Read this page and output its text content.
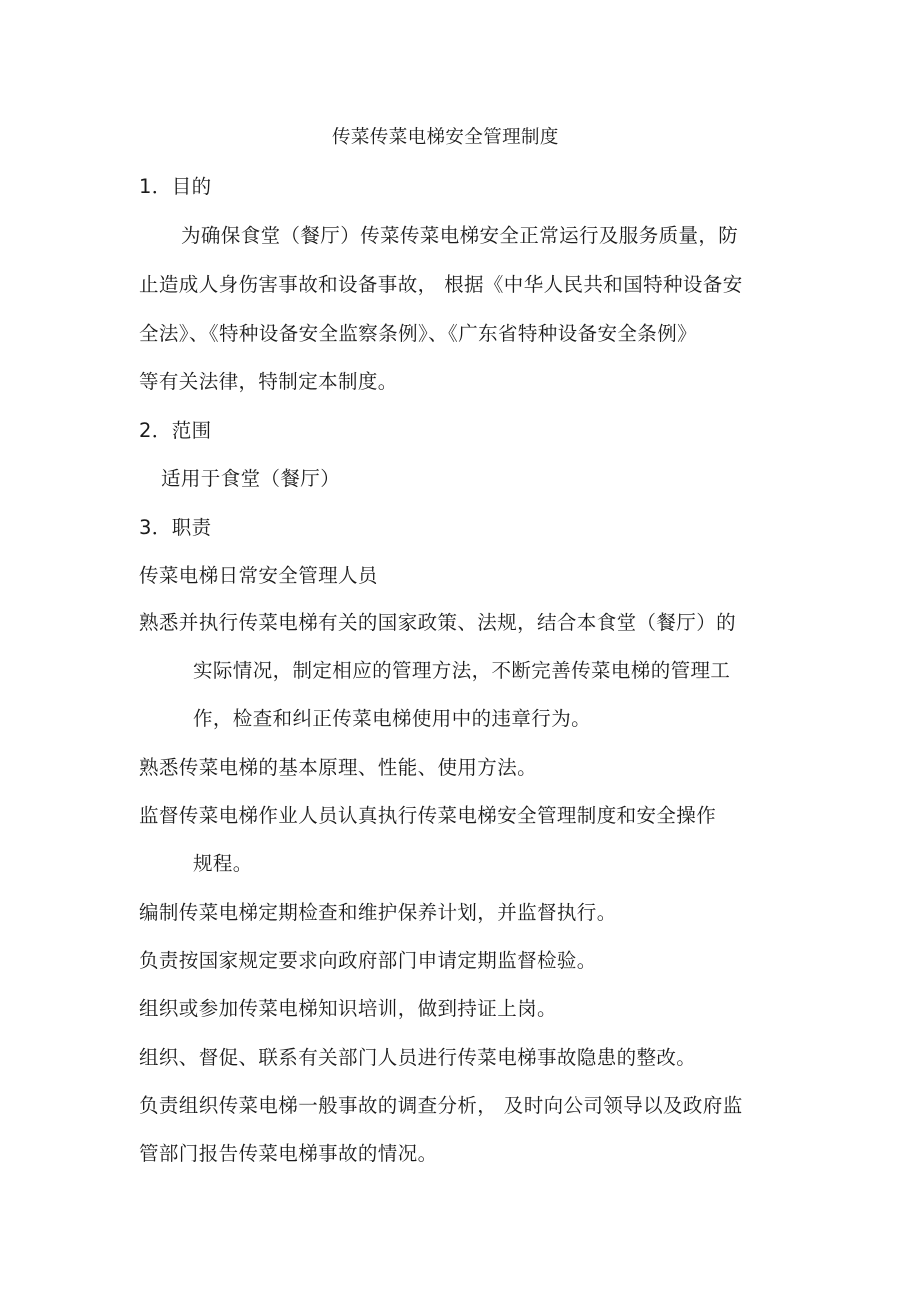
传菜传菜电梯安全管理制度
1．目的
为确保食堂（餐厅）传菜传菜电梯安全正常运行及服务质量，防
止造成人身伤害事故和设备事故， 根据《中华人民共和国特种设备安
全法》、《特种设备安全监察条例》、《广东省特种设备安全条例》
等有关法律，特制定本制度。
2．范围
适用于食堂（餐厅）
3．职责
传菜电梯日常安全管理人员
熟悉并执行传菜电梯有关的国家政策、法规，结合本食堂（餐厅）的
实际情况，制定相应的管理方法，不断完善传菜电梯的管理工
作，检查和纠正传菜电梯使用中的违章行为。
熟悉传菜电梯的基本原理、性能、使用方法。
监督传菜电梯作业人员认真执行传菜电梯安全管理制度和安全操作
规程。
编制传菜电梯定期检查和维护保养计划，并监督执行。
负责按国家规定要求向政府部门申请定期监督检验。
组织或参加传菜电梯知识培训，做到持证上岗。
组织、督促、联系有关部门人员进行传菜电梯事故隐患的整改。
负责组织传菜电梯一般事故的调查分析， 及时向公司领导以及政府监
管部门报告传菜电梯事故的情况。
